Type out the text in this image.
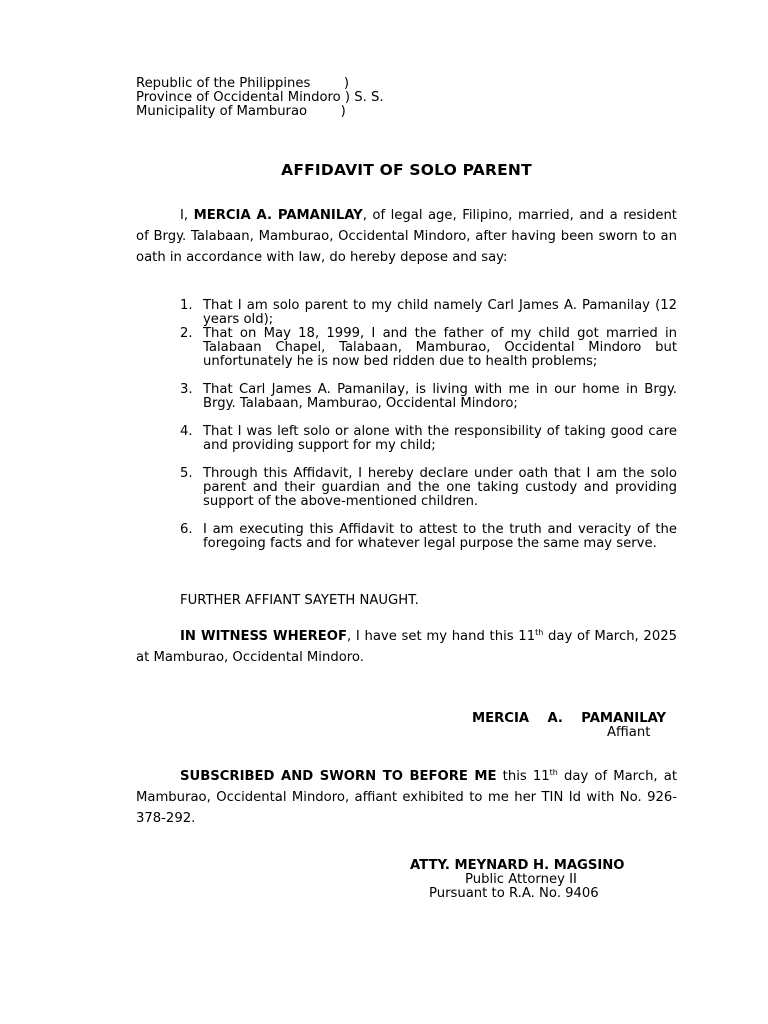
Republic of the Philippines        )
Province of Occidental Mindoro ) S. S.
Municipality of Mamburao        )
AFFIDAVIT OF SOLO PARENT
I, MERCIA A. PAMANILAY, of legal age, Filipino, married, and a resident of Brgy. Talabaan, Mamburao, Occidental Mindoro, after having been sworn to an oath in accordance with law, do hereby depose and say:
1. That I am solo parent to my child namely Carl James A. Pamanilay (12 years old);
2. That on May 18, 1999, I and the father of my child got married in Talabaan Chapel, Talabaan, Mamburao, Occidental Mindoro but unfortunately he is now bed ridden due to health problems;
3. That Carl James A. Pamanilay, is living with me in our home in Brgy. Brgy. Talabaan, Mamburao, Occidental Mindoro;
4. That I was left solo or alone with the responsibility of taking good care and providing support for my child;
5. Through this Affidavit, I hereby declare under oath that I am the solo parent and their guardian and the one taking custody and providing support of the above-mentioned children.
6. I am executing this Affidavit to attest to the truth and veracity of the foregoing facts and for whatever legal purpose the same may serve.
FURTHER AFFIANT SAYETH NAUGHT.
IN WITNESS WHEREOF, I have set my hand this 11th day of March, 2025 at Mamburao, Occidental Mindoro.
MERCIA    A.    PAMANILAY
Affiant
SUBSCRIBED AND SWORN TO BEFORE ME this 11th day of March, at Mamburao, Occidental Mindoro, affiant exhibited to me her TIN Id with No. 926-378-292.
ATTY. MEYNARD H. MAGSINO
Public Attorney II
Pursuant to R.A. No. 9406
